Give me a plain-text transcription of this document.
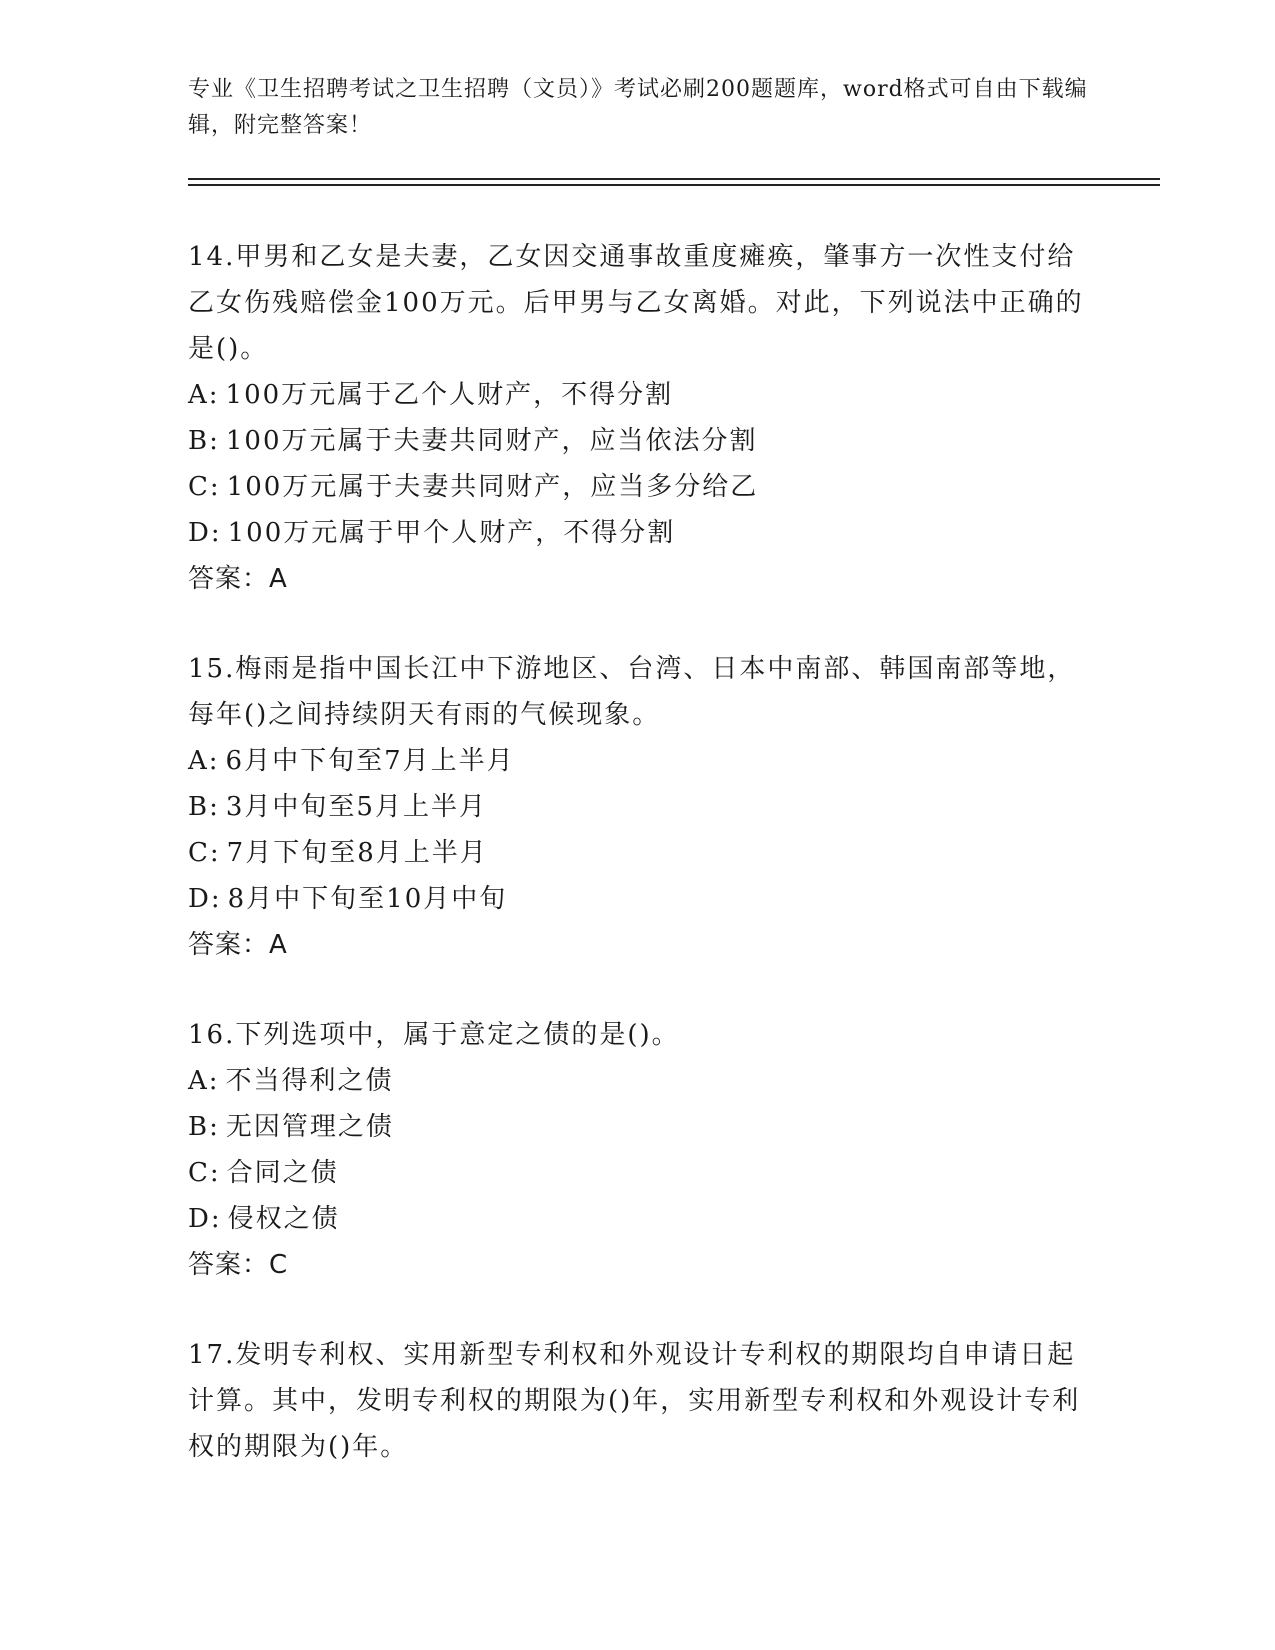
专业《卫生招聘考试之卫生招聘（文员）》考试必刷200题题库，word格式可自由下载编辑，附完整答案！

14.甲男和乙女是夫妻，乙女因交通事故重度瘫痪，肇事方一次性支付给乙女伤残赔偿金100万元。后甲男与乙女离婚。对此，下列说法中正确的是()。

A: 100万元属于乙个人财产，不得分割

B: 100万元属于夫妻共同财产，应当依法分割

C: 100万元属于夫妻共同财产，应当多分给乙

D: 100万元属于甲个人财产，不得分割

答案：A

15.梅雨是指中国长江中下游地区、台湾、日本中南部、韩国南部等地，每年()之间持续阴天有雨的气候现象。

A: 6月中下旬至7月上半月

B: 3月中旬至5月上半月

C: 7月下旬至8月上半月

D: 8月中下旬至10月中旬

答案：A

16.下列选项中，属于意定之债的是()。

A: 不当得利之债

B: 无因管理之债

C: 合同之债

D: 侵权之债

答案：C

17.发明专利权、实用新型专利权和外观设计专利权的期限均自申请日起计算。其中，发明专利权的期限为()年，实用新型专利权和外观设计专利权的期限为()年。
